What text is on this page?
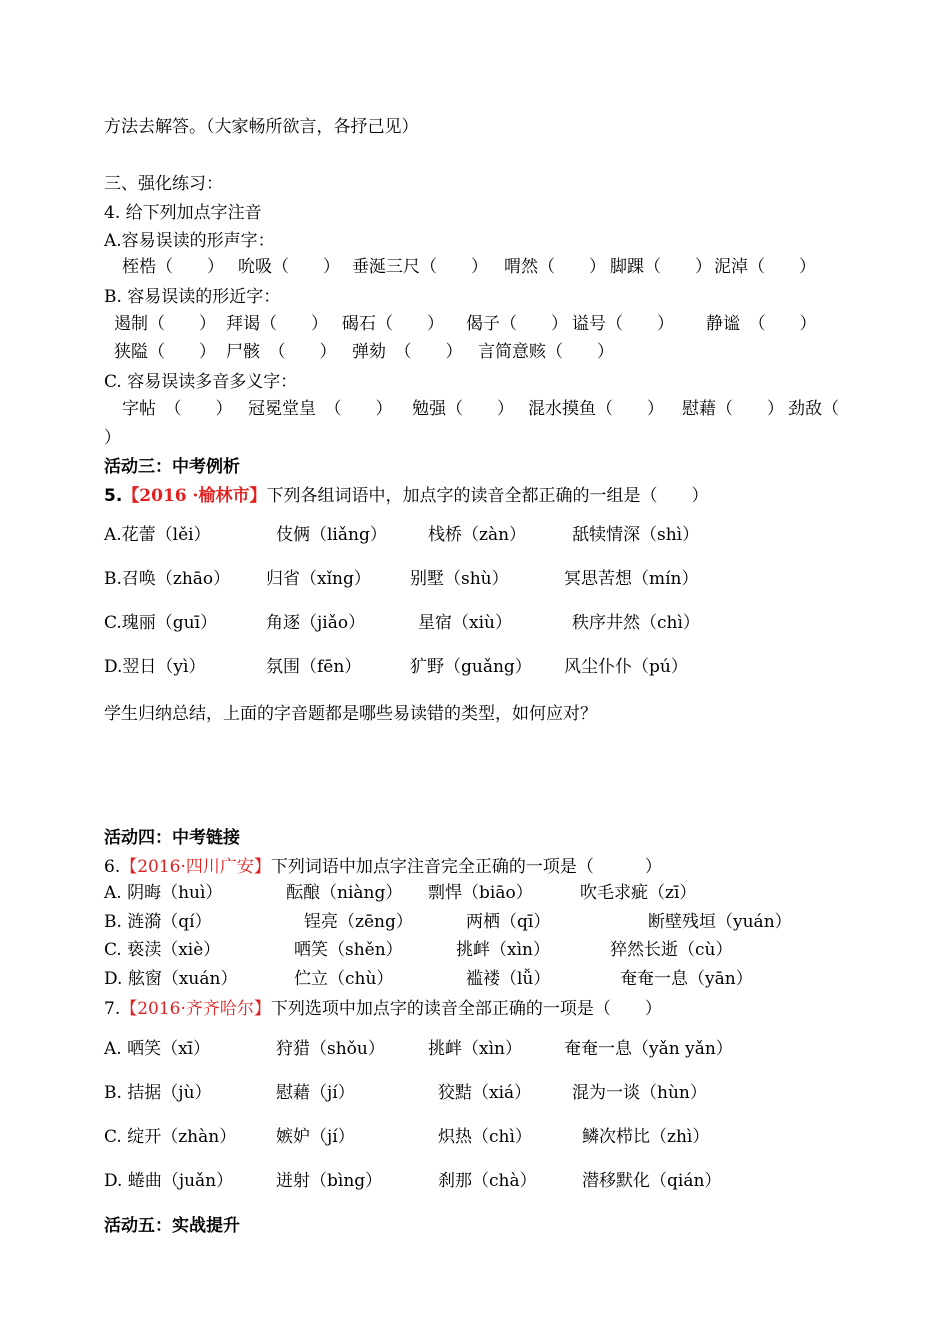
方法去解答。（大家畅所欲言，各抒己见）
三、强化练习：
4. 给下列加点字注音
A.容易误读的形声字：
桎梏（　　） 吮吸（　　） 垂涎三尺（　　） 喟然（　　） 脚踝（　　） 泥淖（　　）
B. 容易误读的形近字：
遏制（　　） 拜谒（　　） 碣石（　　） 偈子（　　） 谥号（　　） 静谧　（　　）
狭隘（　　） 尸骸　（　　） 弹劾　（　　） 言简意赅（　　）
C. 容易误读多音多义字：
字帖　（　　） 冠冕堂皇　（　　） 勉强（　　） 混水摸鱼（　　） 慰藉（　　） 劲敌（
）
活动三：中考例析
5.【2016 ·榆林市】下列各组词语中，加点字的读音全都正确的一组是（　　）
A.花蕾（lěi）	伎俩（liǎng） 栈桥（zàn）	舐犊情深（shì）
B.召唤（zhāo） 归省（xǐng） 别墅（shù）	冥思苦想（mín）
C.瑰丽（guī）	角逐（jiǎo）	星宿（xiù）	秩序井然（chì）
D.翌日（yì）	氛围（fēn）	犷野（guǎng） 风尘仆仆（pú）
学生归纳总结，上面的字音题都是哪些易读错的类型，如何应对？
活动四：中考链接
6.【2016·四川广安】下列词语中加点字注音完全正确的一项是（　　　）
A. 阴晦（huì）	酝酿（niàng） 剽悍（biāo）	吹毛求疵（zī）
B. 涟漪（qí）	锃亮（zēng）	两栖（qī）	断壁残垣（yuán）
C. 亵渎（xiè）	哂笑（shěn）	挑衅（xìn）	猝然长逝（cù）
D. 舷窗（xuán）	伫立（chù）	褴褛（lǚ）	奄奄一息（yān）
7.【2016·齐齐哈尔】下列选项中加点字的读音全部正确的一项是（　　）
A. 哂笑（xī）	狩猎（shǒu）	挑衅（xìn） 奄奄一息（yǎn yǎn）
B. 拮据（jù）	慰藉（jí）	狡黠（xiá） 混为一谈（hùn）
C. 绽开（zhàn） 嫉妒（jí）	炽热（chì）	鳞次栉比（zhì）
D. 蜷曲（juǎn）	迸射（bìng）	刹那（chà）	潜移默化（qián）
活动五：实战提升
